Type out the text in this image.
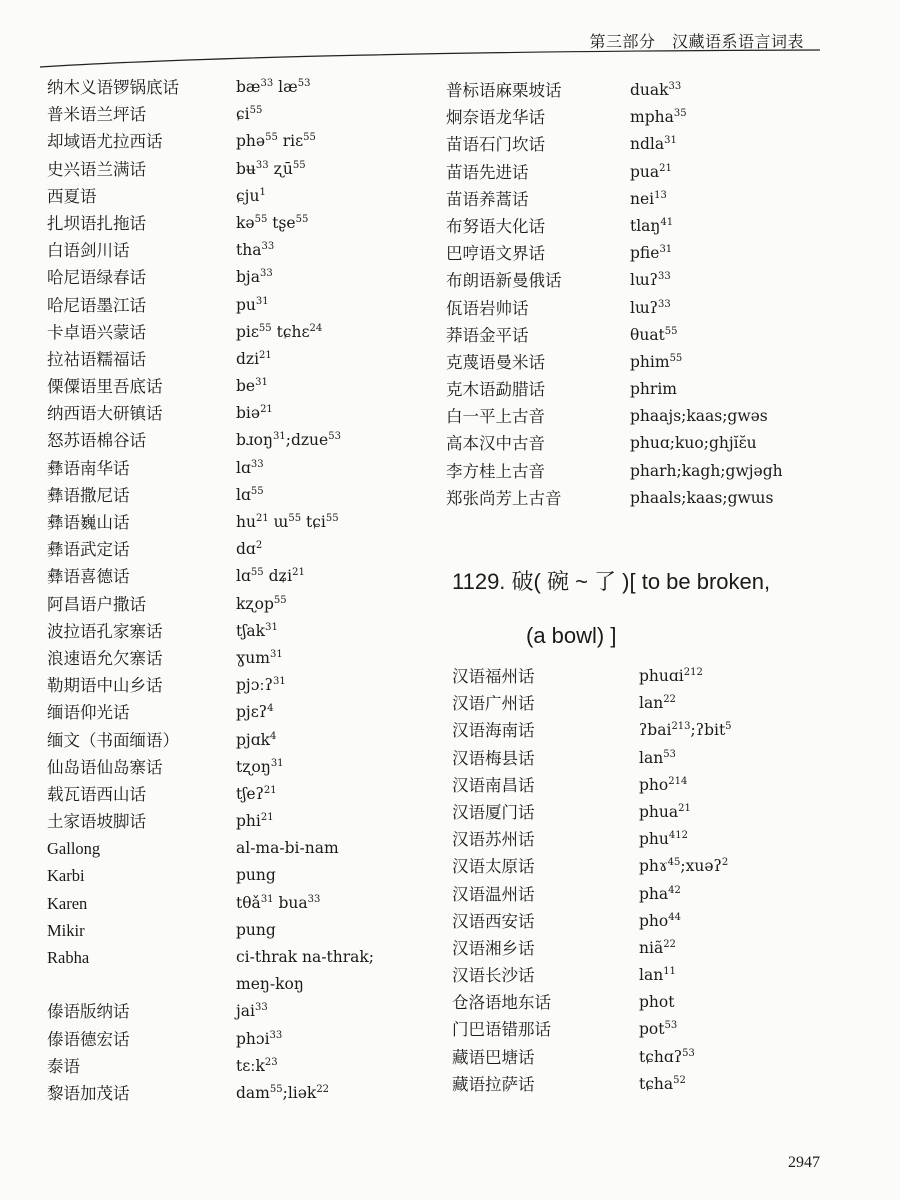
第三部分　汉藏语系语言词表
纳木义语锣锅底话	$bæ^{33}$ $læ^{53}$
普米语兰坪话	ɕi$^{55}$
却域语尤拉西话	phə$^{55}$ riɛ$^{55}$
史兴语兰满话	bʉ$^{33}$ ʐū$^{55}$
西夏语	ɕju$^1$
扎坝语扎拖话	kə$^{55}$ tʂe$^{55}$
白语剑川话	tha$^{33}$
哈尼语绿春话	bja$^{33}$
哈尼语墨江话	$pu^{31}$
卡卓语兴蒙话	piɛ$^{55}$ tɕhɛ$^{24}$
拉祜语糯福话	dzi$^{21}$
傈僳语里吾底话	$be^{31}$
纳西语大研镇话	biə$^{21}$
怒苏语棉谷话	bɹoŋ$^{31}$;dzue$^{53}$
彝语南华话	lɑ$^{33}$
彝语撒尼话	lɑ$^{55}$
彝语巍山话	$hu^{21}$ ɯ$^{55}$ tɕi$^{55}$
彝语武定话	dɑ$^2$
彝语喜德话	lɑ$^{55}$ dʑi$^{21}$
阿昌语户撒话	kʐop$^{55}$
波拉语孔家寨话	tʃak$^{31}$
浪速语允欠寨话	ɣum$^{31}$
勒期语中山乡话	pjɔːʔ$^{31}$
缅语仰光话	pjɛʔ$^4$
缅文（书面缅语）	pjɑk$^4$
仙岛语仙岛寨话	tʐoŋ$^{31}$
载瓦语西山话	tʃeʔ$^{21}$
土家语坡脚话	phi$^{21}$
Gallong	al-ma-bi-nam
Karbi	pung
Karen	tθǎ$^{31}$ bua$^{33}$
Mikir	pung
Rabha	ci-thrak na-thrak;
meŋ-koŋ
傣语版纳话	jai$^{33}$
傣语德宏话	phɔi$^{33}$
泰语	tɛːk$^{23}$
黎语加茂话	dam$^{55}$;liək$^{22}$
普标语麻栗坡话	duak$^{33}$
炯奈语龙华话	mpha$^{35}$
苗语石门坎话	ndla$^{31}$
苗语先进话	pua$^{21}$
苗语养蒿话	nei$^{13}$
布努语大化话	tlaŋ$^{41}$
巴哼语文界话	pfie$^{31}$
布朗语新曼俄话	lɯʔ$^{33}$
佤语岩帅话	lɯʔ$^{33}$
莽语金平话	θuat$^{55}$
克蔑语曼米话	phim$^{55}$
克木语勐腊话	phrim
白一平上古音	phaajs;kaas;gwəs
高本汉中古音	phuɑ;kuo;ghjĭɛ̆u
李方桂上古音	pharh;kagh;gwjəgh
郑张尚芳上古音	phaals;kaas;gwɯs
1129. 破( 碗 ~ 了 )[ to be broken,
(a bowl) ]
汉语福州话	phuɑi$^{212}$
汉语广州话	lan$^{22}$
汉语海南话	ʔbai$^{213}$;ʔbit$^5$
汉语梅县话	lan$^{53}$
汉语南昌话	pho$^{214}$
汉语厦门话	phua$^{21}$
汉语苏州话	phu$^{412}$
汉语太原话	phɤ$^{45}$;xuəʔ$^2$
汉语温州话	pha$^{42}$
汉语西安话	pho$^{44}$
汉语湘乡话	niã$^{22}$
汉语长沙话	lan$^{11}$
仓洛语地东话	phot
门巴语错那话	pot$^{53}$
藏语巴塘话	tɕhɑʔ$^{53}$
藏语拉萨话	tɕha$^{52}$
2947
